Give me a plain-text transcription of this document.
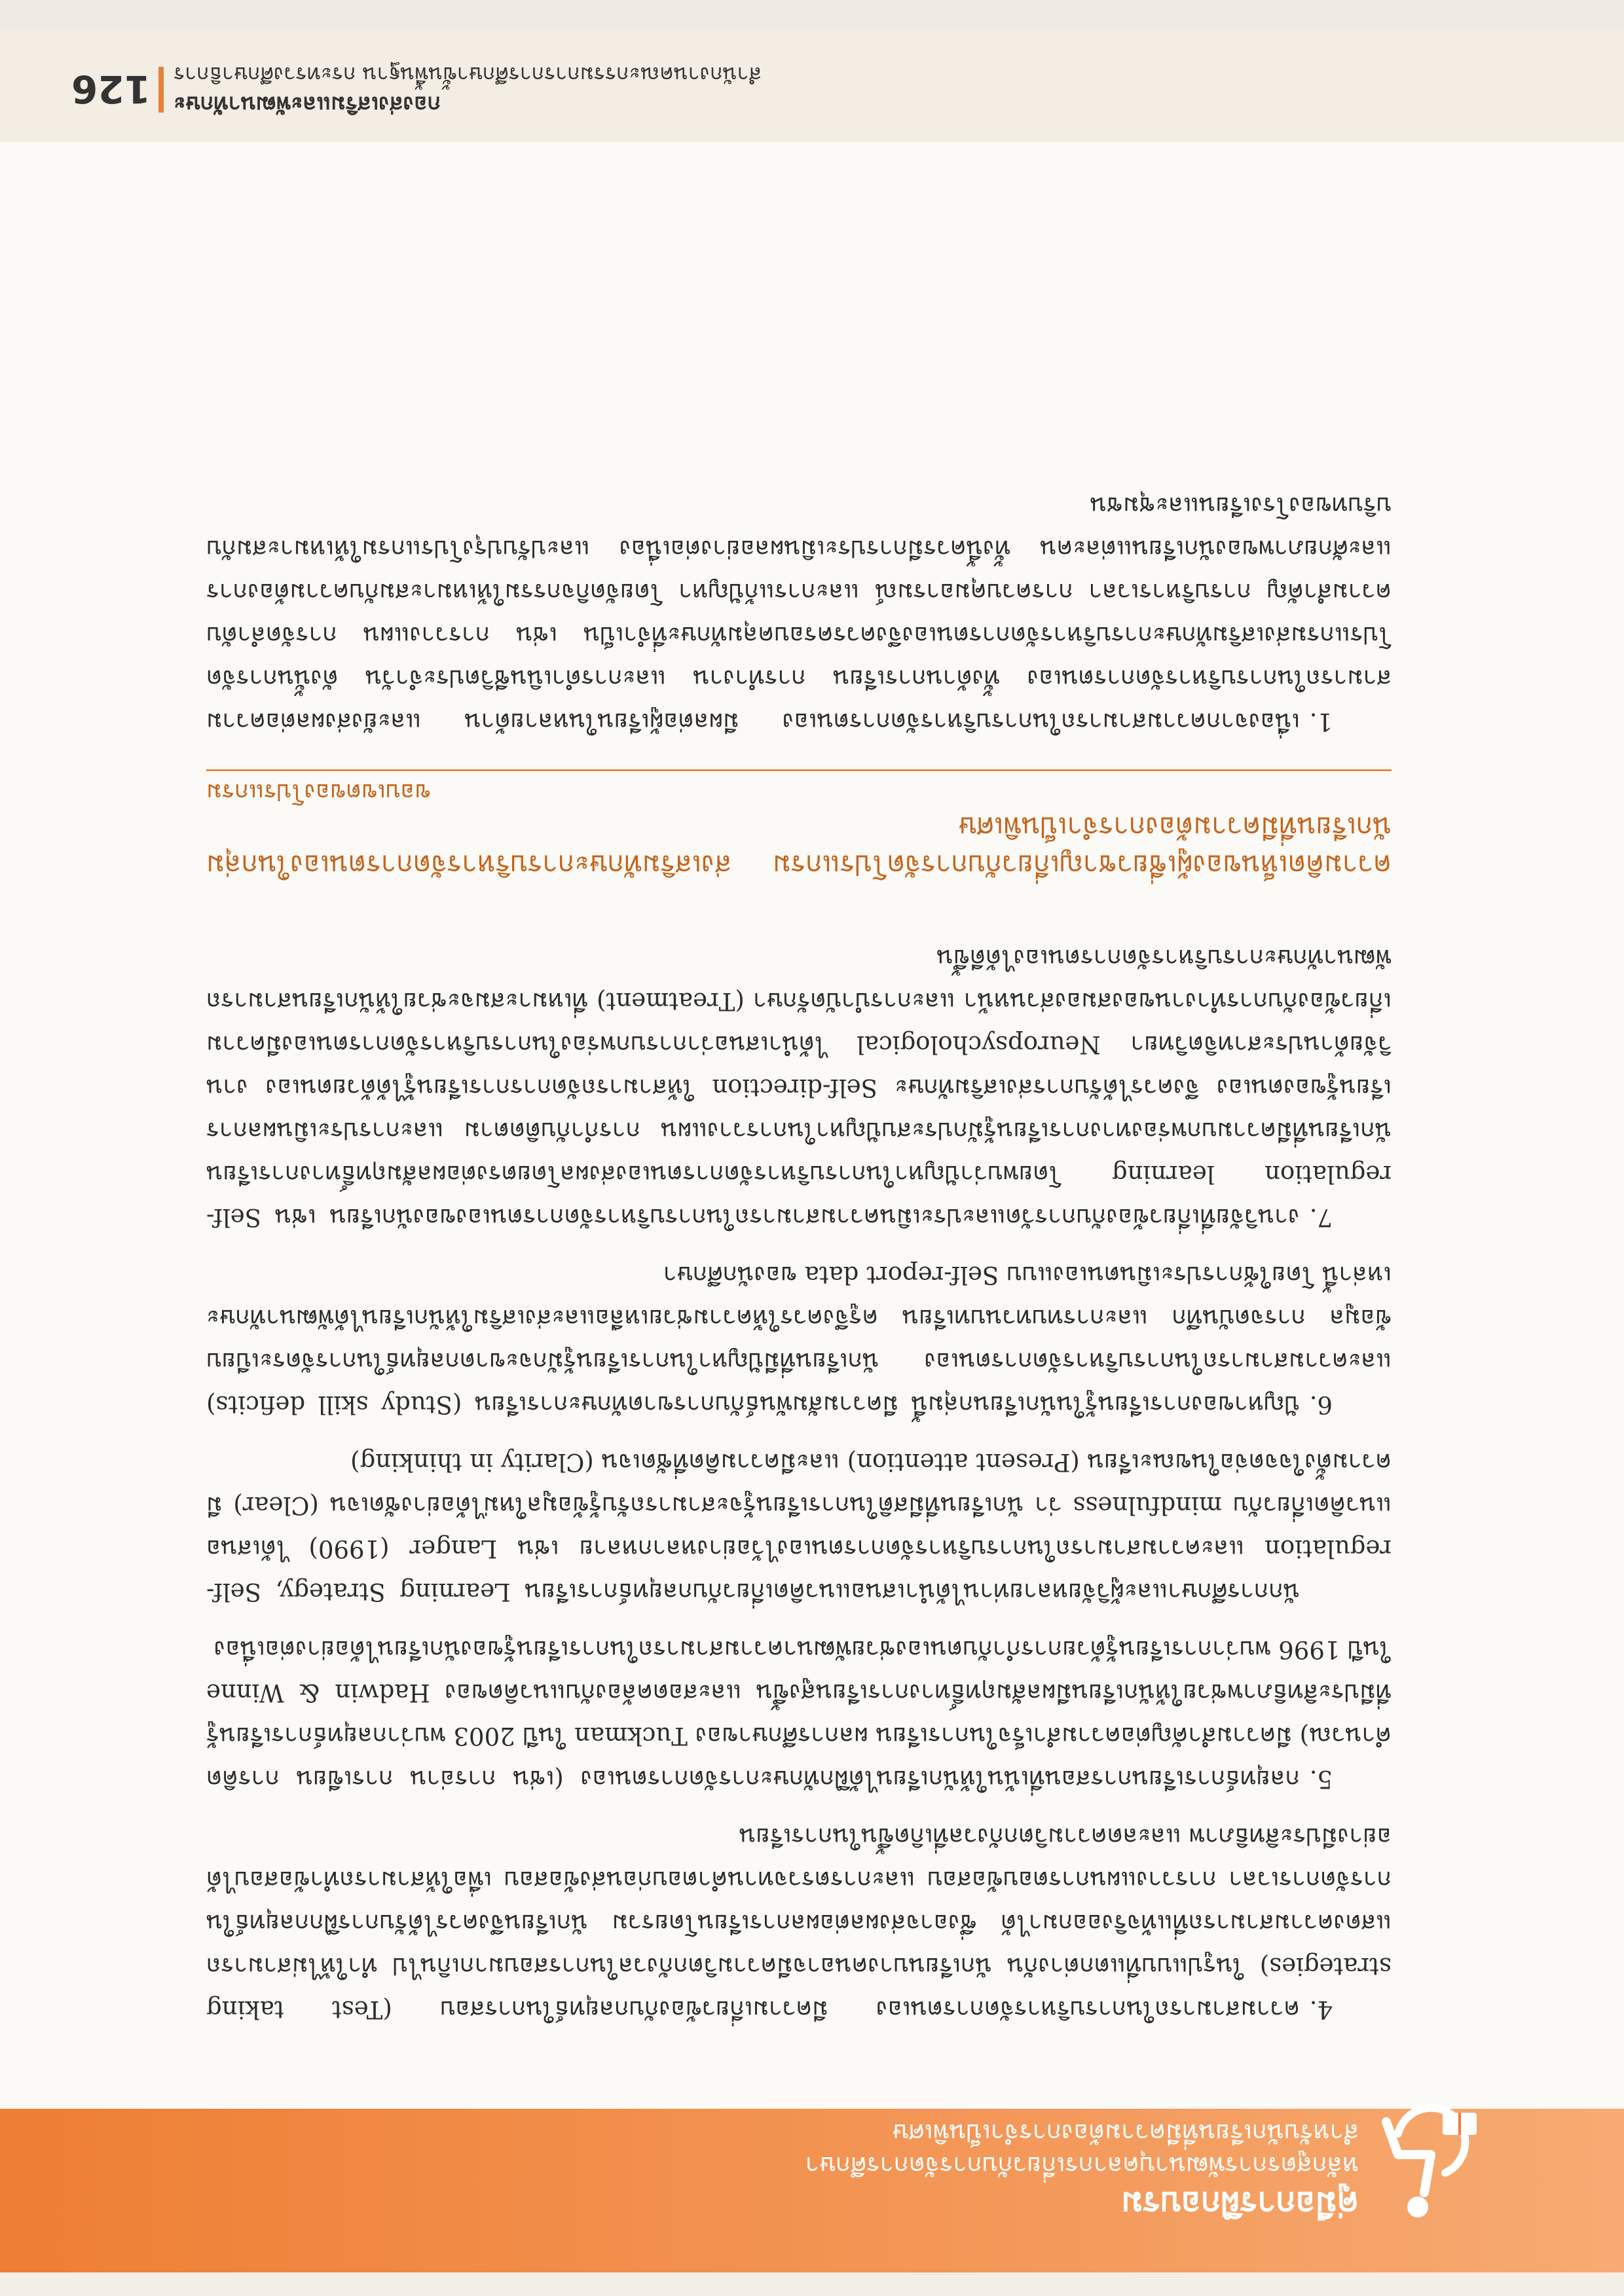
คู่มือการฝึกอบรม
หลักสูตรการพัฒนาบุคลากรเกี่ยวกับการจัดการศึกษา
สำหรับนักเรียนที่มีความต้องการจำเป็นพิเศษ

4.ความสามารถในการบริหารจัดการตนเอง มีความเกี่ยวข้องกับกลยุทธ์ในการสอบ (Test taking strategies) ในรูปแบบที่แตกต่างกัน นักเรียนบางคนอาจมีความวิตกกังวลในการสอบมากเกินไป ทำให้ไม่สามารถแสดงความสามารถที่แท้จริงออกมาได้ ซึ่งอาจส่งผลต่อผลการเรียนโดยรวม นักเรียนจึงควรได้รับการฝึกกลยุทธ์ในการจัดการเวลา การวางแผนการตอบข้อสอบ และการตรวจทานคำตอบก่อนส่งข้อสอบ เพื่อให้สามารถทำข้อสอบได้อย่างมีประสิทธิภาพ และลดความวิตกกังวลที่เกิดขึ้นในการเรียน

5.กลยุทธ์การเรียนการสอนที่เน้นให้นักเรียนได้ฝึกทักษะการจัดการตนเอง (เช่น การอ่าน การเขียน การคิดคำนวณ) มีความสำคัญต่อความสำเร็จในการเรียน ผลการศึกษาของ Tuckman ในปี 2003 พบว่ากลยุทธ์การเรียนรู้ที่มีประสิทธิภาพช่วยให้นักเรียนมีผลสัมฤทธิ์ทางการเรียนสูงขึ้น และสอดคล้องกับแนวคิดของ Hadwin & Winne ในปี 1996 พบว่าการเรียนรู้ด้วยการกำกับตนเองช่วยพัฒนาความสามารถในการเรียนรู้ของนักเรียนได้อย่างต่อเนื่อง

นักการศึกษาและผู้วิจัยหลายท่านได้นำเสนอแนวคิดเกี่ยวกับกลยุทธ์การเรียน Learning Strategy, Self-regulation และความสามารถในการบริหารจัดการตนเองไว้อย่างหลากหลาย เช่น Langer (1990) ได้เสนอแนวคิดเกี่ยวกับ mindfulness ว่า นักเรียนที่มีสติในการเรียนรู้จะสามารถรับรู้ข้อมูลใหม่ได้อย่างชัดเจน (Clear) มีความตั้งใจจดจ่อในขณะเรียน (Present attention) และมีความคิดที่ชัดเจน (Clarity in thinking)

6.ปัญหาของการเรียนรู้ในนักเรียนกลุ่มนี้ มีความสัมพันธ์กับการขาดทักษะการเรียน (Study skill deficits) และความสามารถในการบริหารจัดการตนเอง นักเรียนที่มีปัญหาในการเรียนรู้มักจะขาดกลยุทธ์ในการจัดระเบียบข้อมูล การจดบันทึก และการทบทวนบทเรียน ครูจึงควรให้ความช่วยเหลือและส่งเสริมให้นักเรียนได้พัฒนาทักษะเหล่านี้ โดยใช้การประเมินตนเองแบบ Self-report data ของนักศึกษา

7.งานวิจัยที่เกี่ยวข้องกับการวัดและประเมินความสามารถในการบริหารจัดการตนเองของนักเรียน เช่น Self-regulation learning โดยพบว่าปัญหาในการบริหารจัดการตนเองส่งผลโดยตรงต่อผลสัมฤทธิ์ทางการเรียน นักเรียนที่มีความบกพร่องทางการเรียนรู้มักประสบปัญหาในการวางแผน การกำกับติดตาม และการประเมินผลการเรียนรู้ของตนเอง จึงควรได้รับการส่งเสริมทักษะ Self-direction ให้สามารถจัดการการเรียนรู้ได้ด้วยตนเอง งานวิจัยด้านประสาทจิตวิทยา Neuropsychological ได้นำเสนอว่าการบกพร่องในการบริหารจัดการตนเองมีความเกี่ยวข้องกับการทำงานของสมองส่วนหน้า และการบำบัดรักษา (Treatment) ที่เหมาะสมจะช่วยให้นักเรียนสามารถพัฒนาทักษะการบริหารจัดการตนเองได้ดีขึ้น

ความคิดเห็นของผู้เชี่ยวชาญเกี่ยวกับการจัดโปรแกรม ส่งเสริมทักษะการบริหารจัดการตนเองในกลุ่มนักเรียนที่มีความต้องการจำเป็นพิเศษ
ขอบเขตของโปรแกรม

1.เนื่องจากความสามารถในการบริหารจัดการตนเอง มีผลต่อผู้เรียนในหลายด้าน และยังส่งผลต่อความสามารถในการบริหารจัดการตนเอง ทั้งด้านการเรียน การทำงาน และการดำเนินชีวิตประจำวัน ดังนั้นการจัดโปรแกรมส่งเสริมทักษะการบริหารจัดการตนเองจึงควรครอบคลุมทักษะที่จำเป็น เช่น การวางแผน การจัดลำดับความสำคัญ การบริหารเวลา การควบคุมอารมณ์ และการแก้ปัญหา โดยจัดกิจกรรมให้เหมาะสมกับความต้องการและศักยภาพของนักเรียนแต่ละคน ทั้งนี้ควรมีการประเมินผลอย่างต่อเนื่อง และปรับปรุงโปรแกรมให้เหมาะสมกับบริบทของโรงเรียนและชุมชน

126 กองส่งเสริมและพัฒนาทักษะ
สำนักงานคณะกรรมการการศึกษาขั้นพื้นฐาน กระทรวงศึกษาธิการ
